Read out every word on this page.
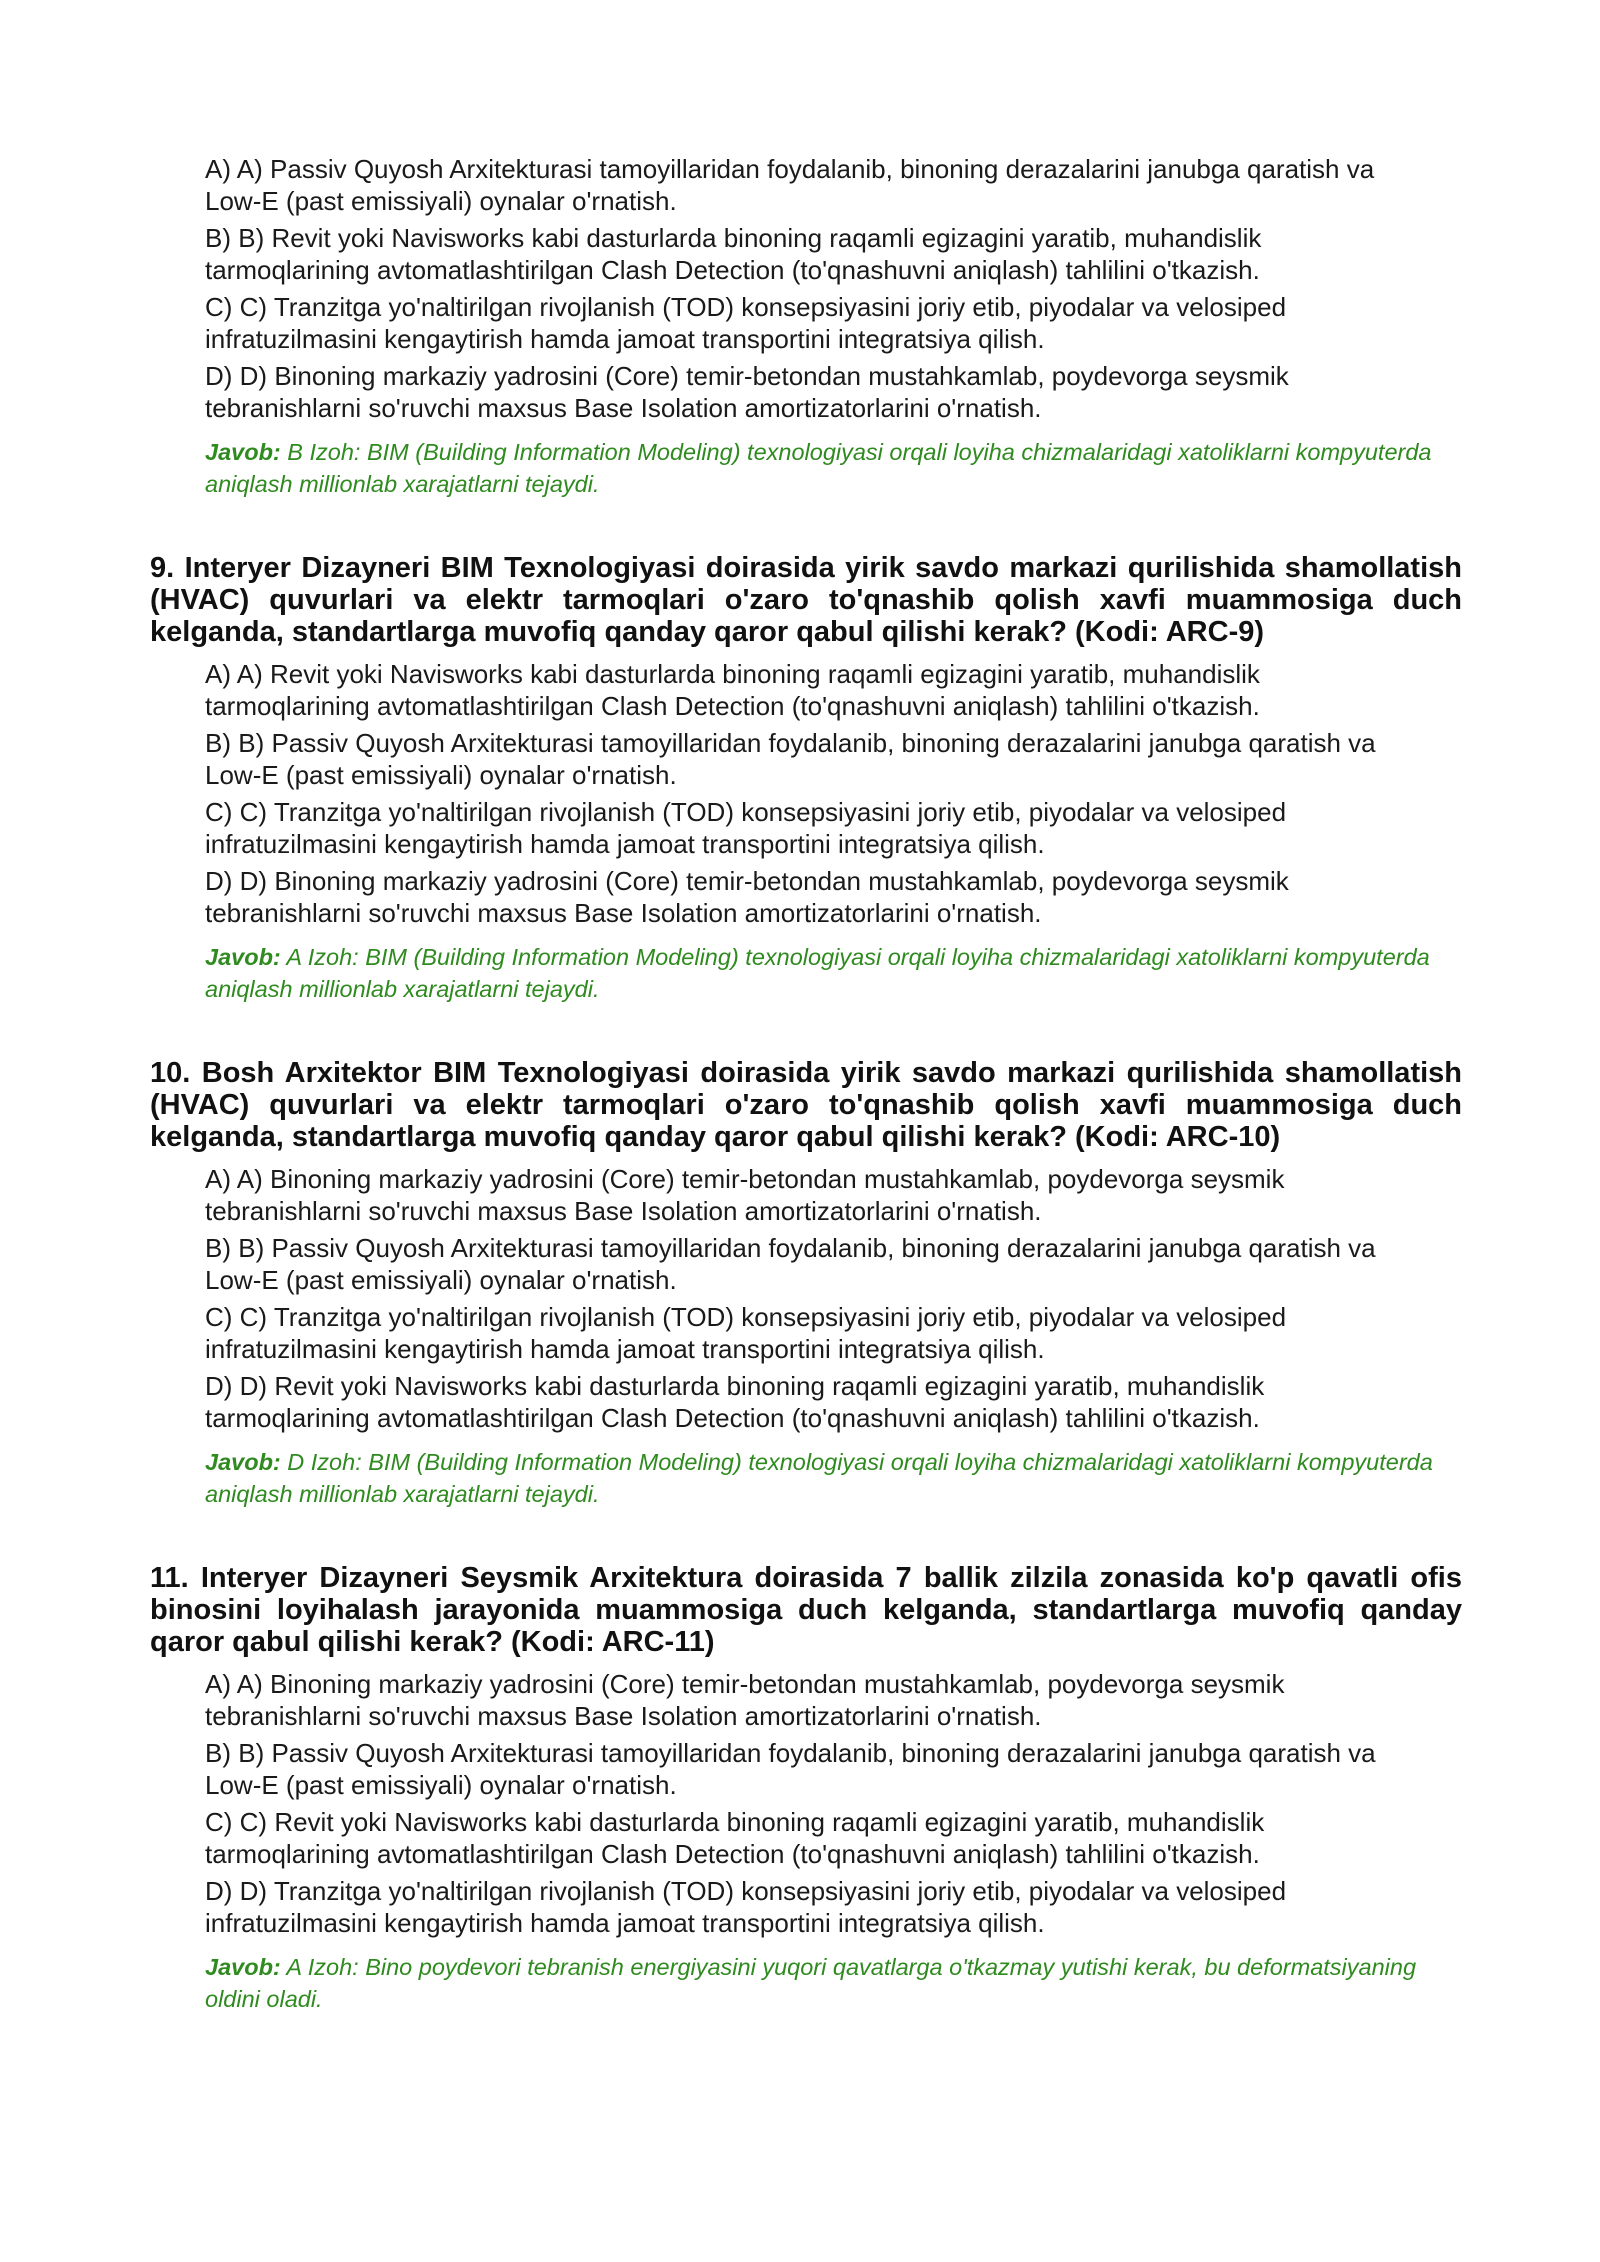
A) A) Passiv Quyosh Arxitekturasi tamoyillaridan foydalanib, binoning derazalarini janubga qaratish va Low-E (past emissiyali) oynalar o'rnatish.
B) B) Revit yoki Navisworks kabi dasturlarda binoning raqamli egizagini yaratib, muhandislik tarmoqlarining avtomatlashtirilgan Clash Detection (to'qnashuvni aniqlash) tahlilini o'tkazish.
C) C) Tranzitga yo'naltirilgan rivojlanish (TOD) konsepsiyasini joriy etib, piyodalar va velosiped infratuzilmasini kengaytirish hamda jamoat transportini integratsiya qilish.
D) D) Binoning markaziy yadrosini (Core) temir-betondan mustahkamlab, poydevorga seysmik tebranishlarni so'ruvchi maxsus Base Isolation amortizatorlarini o'rnatish.

Javob: B Izoh: BIM (Building Information Modeling) texnologiyasi orqali loyiha chizmalaridagi xatoliklarni kompyuterda aniqlash millionlab xarajatlarni tejaydi.

9. Interyer Dizayneri BIM Texnologiyasi doirasida yirik savdo markazi qurilishida shamollatish (HVAC) quvurlari va elektr tarmoqlari o'zaro to'qnashib qolish xavfi muammosiga duch kelganda, standartlarga muvofiq qanday qaror qabul qilishi kerak? (Kodi: ARC-9)

A) A) Revit yoki Navisworks kabi dasturlarda binoning raqamli egizagini yaratib, muhandislik tarmoqlarining avtomatlashtirilgan Clash Detection (to'qnashuvni aniqlash) tahlilini o'tkazish.
B) B) Passiv Quyosh Arxitekturasi tamoyillaridan foydalanib, binoning derazalarini janubga qaratish va Low-E (past emissiyali) oynalar o'rnatish.
C) C) Tranzitga yo'naltirilgan rivojlanish (TOD) konsepsiyasini joriy etib, piyodalar va velosiped infratuzilmasini kengaytirish hamda jamoat transportini integratsiya qilish.
D) D) Binoning markaziy yadrosini (Core) temir-betondan mustahkamlab, poydevorga seysmik tebranishlarni so'ruvchi maxsus Base Isolation amortizatorlarini o'rnatish.

Javob: A Izoh: BIM (Building Information Modeling) texnologiyasi orqali loyiha chizmalaridagi xatoliklarni kompyuterda aniqlash millionlab xarajatlarni tejaydi.

10. Bosh Arxitektor BIM Texnologiyasi doirasida yirik savdo markazi qurilishida shamollatish (HVAC) quvurlari va elektr tarmoqlari o'zaro to'qnashib qolish xavfi muammosiga duch kelganda, standartlarga muvofiq qanday qaror qabul qilishi kerak? (Kodi: ARC-10)

A) A) Binoning markaziy yadrosini (Core) temir-betondan mustahkamlab, poydevorga seysmik tebranishlarni so'ruvchi maxsus Base Isolation amortizatorlarini o'rnatish.
B) B) Passiv Quyosh Arxitekturasi tamoyillaridan foydalanib, binoning derazalarini janubga qaratish va Low-E (past emissiyali) oynalar o'rnatish.
C) C) Tranzitga yo'naltirilgan rivojlanish (TOD) konsepsiyasini joriy etib, piyodalar va velosiped infratuzilmasini kengaytirish hamda jamoat transportini integratsiya qilish.
D) D) Revit yoki Navisworks kabi dasturlarda binoning raqamli egizagini yaratib, muhandislik tarmoqlarining avtomatlashtirilgan Clash Detection (to'qnashuvni aniqlash) tahlilini o'tkazish.

Javob: D Izoh: BIM (Building Information Modeling) texnologiyasi orqali loyiha chizmalaridagi xatoliklarni kompyuterda aniqlash millionlab xarajatlarni tejaydi.

11. Interyer Dizayneri Seysmik Arxitektura doirasida 7 ballik zilzila zonasida ko'p qavatli ofis binosini loyihalash jarayonida muammosiga duch kelganda, standartlarga muvofiq qanday qaror qabul qilishi kerak? (Kodi: ARC-11)

A) A) Binoning markaziy yadrosini (Core) temir-betondan mustahkamlab, poydevorga seysmik tebranishlarni so'ruvchi maxsus Base Isolation amortizatorlarini o'rnatish.
B) B) Passiv Quyosh Arxitekturasi tamoyillaridan foydalanib, binoning derazalarini janubga qaratish va Low-E (past emissiyali) oynalar o'rnatish.
C) C) Revit yoki Navisworks kabi dasturlarda binoning raqamli egizagini yaratib, muhandislik tarmoqlarining avtomatlashtirilgan Clash Detection (to'qnashuvni aniqlash) tahlilini o'tkazish.
D) D) Tranzitga yo'naltirilgan rivojlanish (TOD) konsepsiyasini joriy etib, piyodalar va velosiped infratuzilmasini kengaytirish hamda jamoat transportini integratsiya qilish.

Javob: A Izoh: Bino poydevori tebranish energiyasini yuqori qavatlarga o'tkazmay yutishi kerak, bu deformatsiyaning oldini oladi.
